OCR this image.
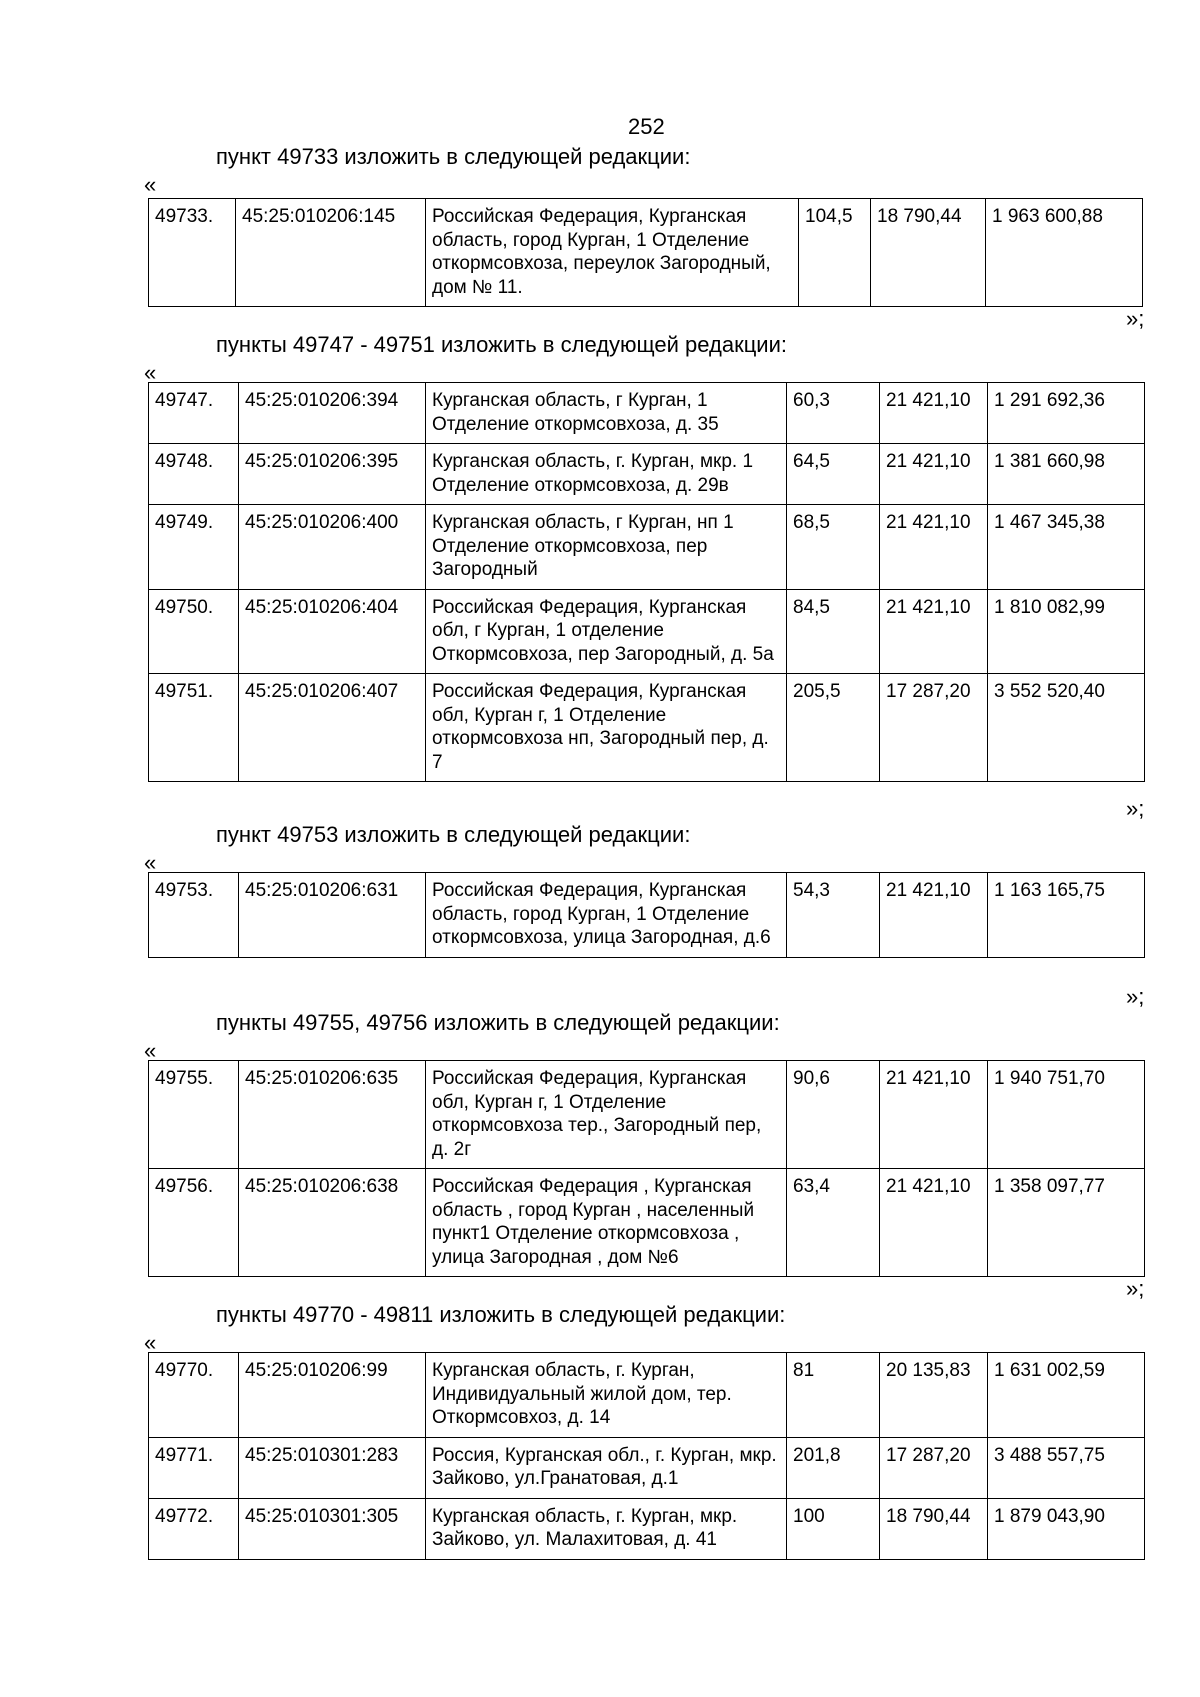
252
пункт 49733 изложить в следующей редакции:
«
49733.	45:25:010206:145	Российская Федерация, Курганская область, город Курган, 1 Отделение откормсовхоза, переулок Загородный, дом № 11.	104,5	18 790,44	1 963 600,88
»;
пункты 49747 - 49751 изложить в следующей редакции:
«
49747.	45:25:010206:394	Курганская область, г Курган, 1 Отделение откормсовхоза, д. 35	60,3	21 421,10	1 291 692,36
49748.	45:25:010206:395	Курганская область, г. Курган, мкр. 1 Отделение откормсовхоза, д. 29в	64,5	21 421,10	1 381 660,98
49749.	45:25:010206:400	Курганская область, г Курган, нп 1 Отделение откормсовхоза, пер Загородный	68,5	21 421,10	1 467 345,38
49750.	45:25:010206:404	Российская Федерация, Курганская обл, г Курган, 1 отделение Откормсовхоза, пер Загородный, д. 5а	84,5	21 421,10	1 810 082,99
49751.	45:25:010206:407	Российская Федерация, Курганская обл, Курган г, 1 Отделение откормсовхоза нп, Загородный пер, д. 7	205,5	17 287,20	3 552 520,40
»;
пункт 49753 изложить в следующей редакции:
«
49753.	45:25:010206:631	Российская Федерация, Курганская область, город Курган, 1 Отделение откормсовхоза, улица Загородная, д.6	54,3	21 421,10	1 163 165,75
»;
пункты 49755, 49756 изложить в следующей редакции:
«
49755.	45:25:010206:635	Российская Федерация, Курганская обл, Курган г, 1 Отделение откормсовхоза тер., Загородный пер, д. 2г	90,6	21 421,10	1 940 751,70
49756.	45:25:010206:638	Российская Федерация , Курганская область , город Курган , населенный пункт1 Отделение откормсовхоза , улица Загородная , дом №6	63,4	21 421,10	1 358 097,77
»;
пункты 49770 - 49811 изложить в следующей редакции:
«
49770.	45:25:010206:99	Курганская область, г. Курган, Индивидуальный жилой дом, тер. Откормсовхоз, д. 14	81	20 135,83	1 631 002,59
49771.	45:25:010301:283	Россия, Курганская обл., г. Курган, мкр. Зайково, ул.Гранатовая, д.1	201,8	17 287,20	3 488 557,75
49772.	45:25:010301:305	Курганская область, г. Курган, мкр. Зайково, ул. Малахитовая, д. 41	100	18 790,44	1 879 043,90
